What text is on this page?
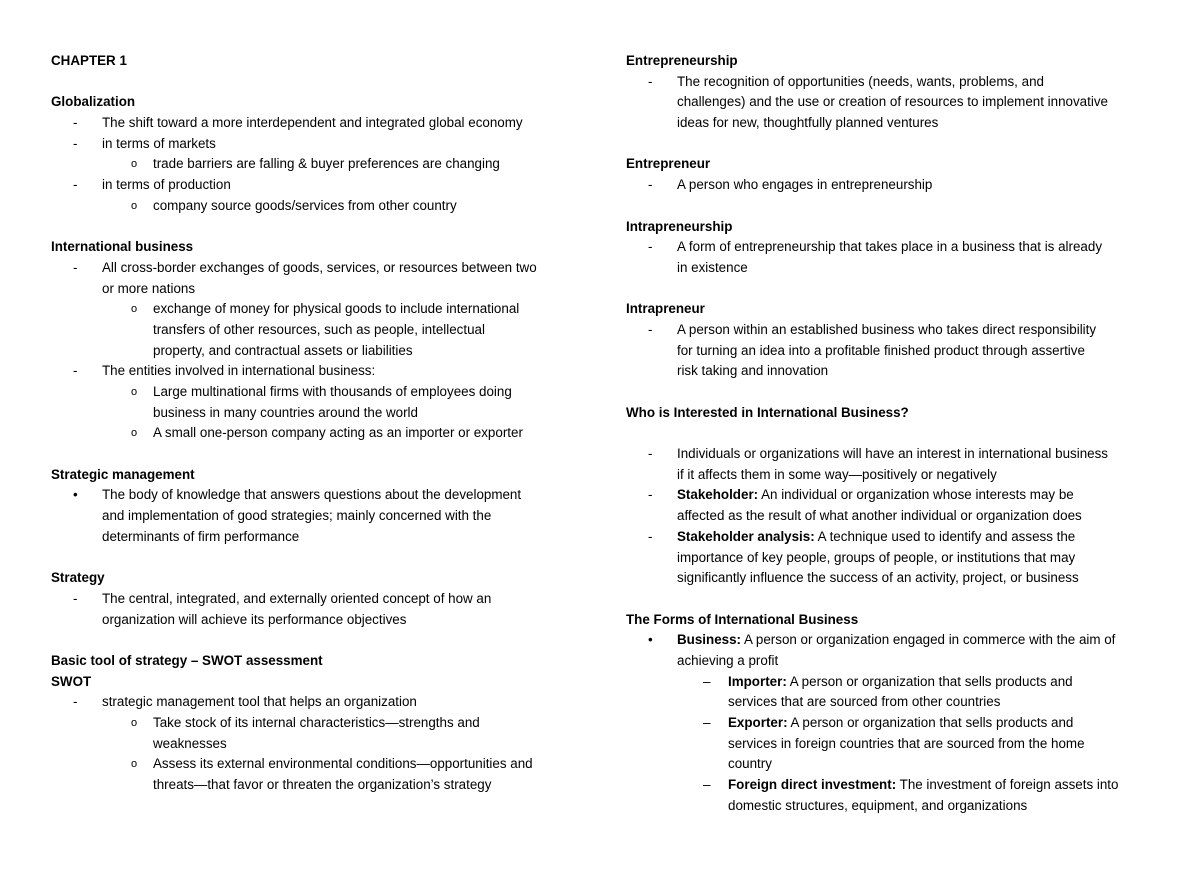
CHAPTER 1
Globalization
- The shift toward a more interdependent and integrated global economy
- in terms of markets
o trade barriers are falling & buyer preferences are changing
- in terms of production
o company source goods/services from other country
International business
- All cross-border exchanges of goods, services, or resources between two
or more nations
o exchange of money for physical goods to include international
transfers of other resources, such as people, intellectual
property, and contractual assets or liabilities
- The entities involved in international business:
o Large multinational firms with thousands of employees doing
business in many countries around the world
o A small one-person company acting as an importer or exporter
Strategic management
• The body of knowledge that answers questions about the development
and implementation of good strategies; mainly concerned with the
determinants of firm performance
Strategy
- The central, integrated, and externally oriented concept of how an
organization will achieve its performance objectives
Basic tool of strategy – SWOT assessment
SWOT
- strategic management tool that helps an organization
o Take stock of its internal characteristics—strengths and
weaknesses
o Assess its external environmental conditions—opportunities and
threats—that favor or threaten the organization’s strategy
Entrepreneurship
- The recognition of opportunities (needs, wants, problems, and
challenges) and the use or creation of resources to implement innovative
ideas for new, thoughtfully planned ventures
Entrepreneur
- A person who engages in entrepreneurship
Intrapreneurship
- A form of entrepreneurship that takes place in a business that is already
in existence
Intrapreneur
- A person within an established business who takes direct responsibility
for turning an idea into a profitable finished product through assertive
risk taking and innovation
Who is Interested in International Business?
- Individuals or organizations will have an interest in international business
if it affects them in some way—positively or negatively
- Stakeholder: An individual or organization whose interests may be
affected as the result of what another individual or organization does
- Stakeholder analysis: A technique used to identify and assess the
importance of key people, groups of people, or institutions that may
significantly influence the success of an activity, project, or business
The Forms of International Business
• Business: A person or organization engaged in commerce with the aim of
achieving a profit
– Importer: A person or organization that sells products and
services that are sourced from other countries
– Exporter: A person or organization that sells products and
services in foreign countries that are sourced from the home
country
– Foreign direct investment: The investment of foreign assets into
domestic structures, equipment, and organizations
